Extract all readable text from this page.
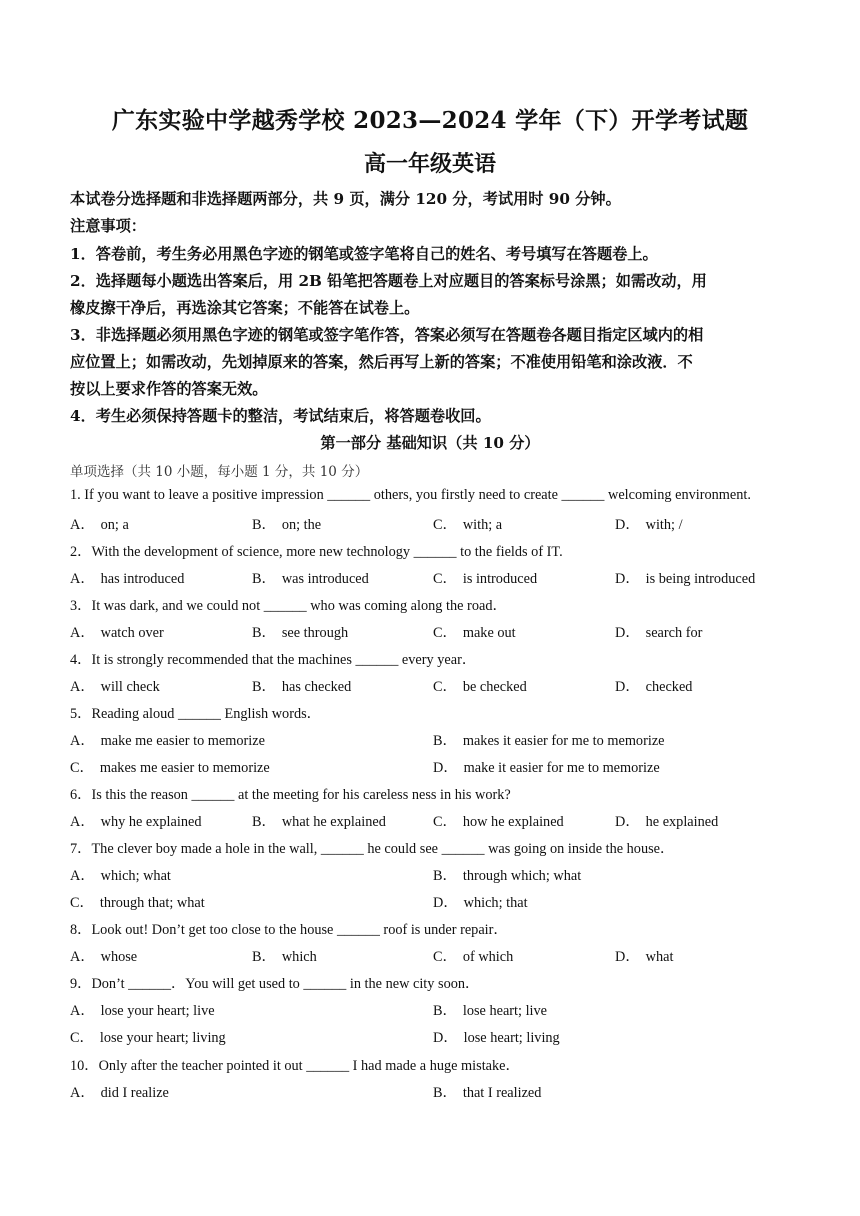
广东实验中学越秀学校 2023—2024 学年（下）开学考试题
高一年级英语
本试卷分选择题和非选择题两部分，共 9 页，满分 120 分，考试用时 90 分钟。
注意事项：
1．答卷前，考生务必用黑色字迹的钢笔或签字笔将自己的姓名、考号填写在答题卷上。
2．选择题每小题选出答案后，用 2B 铅笔把答题卷上对应题目的答案标号涂黑；如需改动，用
橡皮擦干净后，再选涂其它答案；不能答在试卷上。
3．非选择题必须用黑色字迹的钢笔或签字笔作答，答案必须写在答题卷各题目指定区域内的相
应位置上；如需改动，先划掉原来的答案，然后再写上新的答案；不准使用铅笔和涂改液．不
按以上要求作答的答案无效。
4．考生必须保持答题卡的整洁，考试结束后，将答题卷收回。
第一部分 基础知识（共 10 分）
单项选择（共 10 小题，每小题 1 分，共 10 分）
1. If you want to leave a positive impression ______ others, you firstly need to create ______ welcoming environment.
A． on; a	B． on; the	C． with; a	D． with; /
2．With the development of science, more new technology ______ to the fields of IT.
A． has introduced	B． was introduced	C． is introduced	D． is being introduced
3．It was dark, and we could not ______ who was coming along the road．
A． watch over	B． see through	C． make out	D． search for
4．It is strongly recommended that the machines ______ every year．
A． will check	B． has checked	C． be checked	D． checked
5．Reading aloud ______ English words．
A． make me easier to memorize	B． makes it easier for me to memorize
C． makes me easier to memorize	D． make it easier for me to memorize
6．Is this the reason ______ at the meeting for his careless ness in his work?
A． why he explained	B． what he explained	C． how he explained	D． he explained
7．The clever boy made a hole in the wall, ______ he could see ______ was going on inside the house．
A． which; what	B． through which; what
C． through that; what	D． which; that
8．Look out! Don’t get too close to the house ______ roof is under repair．
A． whose	B． which	C． of which	D． what
9．Don’t ______．You will get used to ______ in the new city soon．
A． lose your heart; live	B． lose heart; live
C． lose your heart; living	D． lose heart; living
10．Only after the teacher pointed it out ______ I had made a huge mistake．
A． did I realize	B． that I realized
